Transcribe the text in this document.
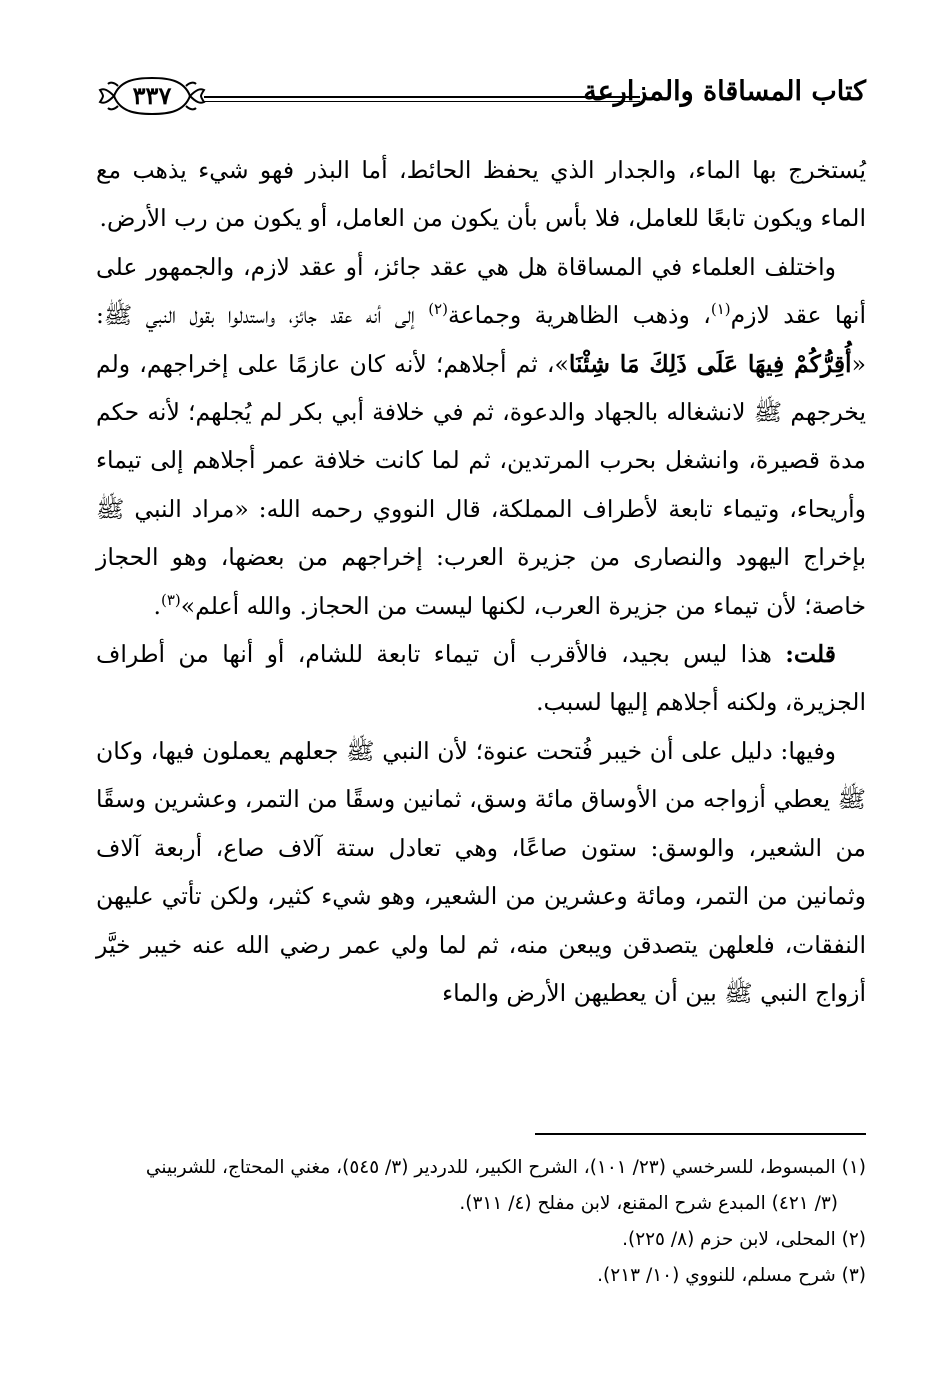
كتاب المساقاة والمزارعة
٣٣٧

يُستخرج بها الماء، والجدار الذي يحفظ الحائط، أما البذر فهو شيء يذهب مع الماء ويكون تابعًا للعامل، فلا بأس بأن يكون من العامل، أو يكون من رب الأرض.

واختلف العلماء في المساقاة هل هي عقد جائز، أو عقد لازم، والجمهور على أنها عقد لازم$^{(١)}$، وذهب الظاهرية وجماعة$^{(٢)}$ إلى أنه عقد جائز، واستدلوا بقول النبي ﷺ: «أُقِرُّكُمْ فِيهَا عَلَى ذَلِكَ مَا شِئْنَا»، ثم أجلاهم؛ لأنه كان عازمًا على إخراجهم، ولم يخرجهم ﷺ لانشغاله بالجهاد والدعوة، ثم في خلافة أبي بكر لم يُجلهم؛ لأنه حكم مدة قصيرة، وانشغل بحرب المرتدين، ثم لما كانت خلافة عمر أجلاهم إلى تيماء وأريحاء، وتيماء تابعة لأطراف المملكة، قال النووي رحمه الله: «مراد النبي ﷺ بإخراج اليهود والنصارى من جزيرة العرب: إخراجهم من بعضها، وهو الحجاز خاصة؛ لأن تيماء من جزيرة العرب، لكنها ليست من الحجاز. والله أعلم»$^{(٣)}$.

قلت: هذا ليس بجيد، فالأقرب أن تيماء تابعة للشام، أو أنها من أطراف الجزيرة، ولكنه أجلاهم إليها لسبب.

وفيها: دليل على أن خيبر فُتحت عنوة؛ لأن النبي ﷺ جعلهم يعملون فيها، وكان ﷺ يعطي أزواجه من الأوساق مائة وسق، ثمانين وسقًا من التمر، وعشرين وسقًا من الشعير، والوسق: ستون صاعًا، وهي تعادل ستة آلاف صاع، أربعة آلاف وثمانين من التمر، ومائة وعشرين من الشعير، وهو شيء كثير، ولكن تأتي عليهن النفقات، فلعلهن يتصدقن ويبعن منه، ثم لما ولي عمر رضي الله عنه خيبر خيَّر أزواج النبي ﷺ بين أن يعطيهن الأرض والماء

(١) المبسوط، للسرخسي (٢٣/ ١٠١)، الشرح الكبير، للدردير (٣/ ٥٤٥)، مغني المحتاج، للشربيني

(٣/ ٤٢١) المبدع شرح المقنع، لابن مفلح (٤/ ٣١١).

(٢) المحلى، لابن حزم (٨/ ٢٢٥).

(٣) شرح مسلم، للنووي (١٠/ ٢١٣).
